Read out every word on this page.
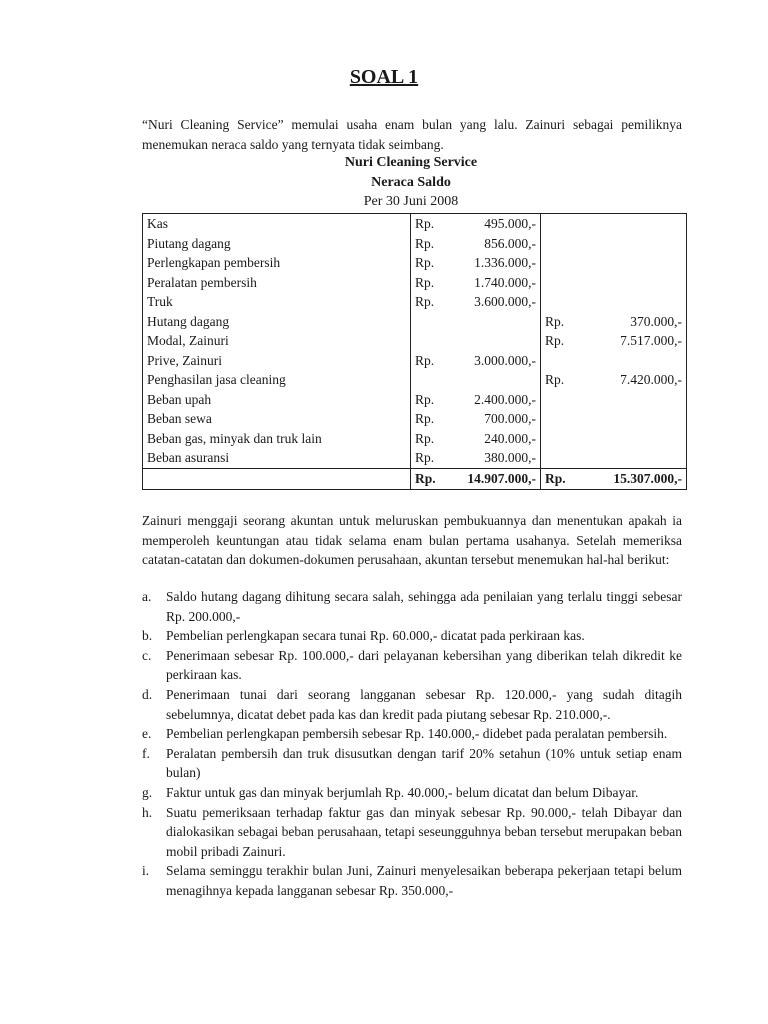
SOAL 1
“Nuri Cleaning Service” memulai usaha enam bulan yang lalu. Zainuri sebagai pemiliknya menemukan neraca saldo yang ternyata tidak seimbang.
Nuri Cleaning Service
Neraca Saldo
Per 30 Juni 2008
Kas	Rp.	495.000,-		
Piutang dagang	Rp.	856.000,-		
Perlengkapan pembersih	Rp.	1.336.000,-		
Peralatan pembersih	Rp.	1.740.000,-		
Truk	Rp.	3.600.000,-		
Hutang dagang			Rp.	370.000,-
Modal, Zainuri			Rp.	7.517.000,-
Prive, Zainuri	Rp.	3.000.000,-		
Penghasilan jasa cleaning			Rp.	7.420.000,-
Beban upah	Rp.	2.400.000,-		
Beban sewa	Rp.	700.000,-		
Beban gas, minyak dan truk lain	Rp.	240.000,-		
Beban asuransi	Rp.	380.000,-		
	Rp.	14.907.000,-	Rp.	15.307.000,-
Zainuri menggaji seorang akuntan untuk meluruskan pembukuannya dan menentukan apakah ia memperoleh keuntungan atau tidak selama enam bulan pertama usahanya. Setelah memeriksa catatan-catatan dan dokumen-dokumen perusahaan, akuntan tersebut menemukan hal-hal berikut:
a. Saldo hutang dagang dihitung secara salah, sehingga ada penilaian yang terlalu tinggi sebesar Rp. 200.000,-
b. Pembelian perlengkapan secara tunai Rp. 60.000,- dicatat pada perkiraan kas.
c. Penerimaan sebesar Rp. 100.000,- dari pelayanan kebersihan yang diberikan telah dikredit ke perkiraan kas.
d. Penerimaan tunai dari seorang langganan sebesar Rp. 120.000,- yang sudah ditagih sebelumnya, dicatat debet pada kas dan kredit pada piutang sebesar Rp. 210.000,-.
e. Pembelian perlengkapan pembersih sebesar Rp. 140.000,- didebet pada peralatan pembersih.
f. Peralatan pembersih dan truk disusutkan dengan tarif 20% setahun (10% untuk setiap enam bulan)
g. Faktur untuk gas dan minyak berjumlah Rp. 40.000,- belum dicatat dan belum Dibayar.
h. Suatu pemeriksaan terhadap faktur gas dan minyak sebesar Rp. 90.000,- telah Dibayar dan dialokasikan sebagai beban perusahaan, tetapi seseungguhnya beban tersebut merupakan beban mobil pribadi Zainuri.
i. Selama seminggu terakhir bulan Juni, Zainuri menyelesaikan beberapa pekerjaan tetapi belum menagihnya kepada langganan sebesar Rp. 350.000,-
